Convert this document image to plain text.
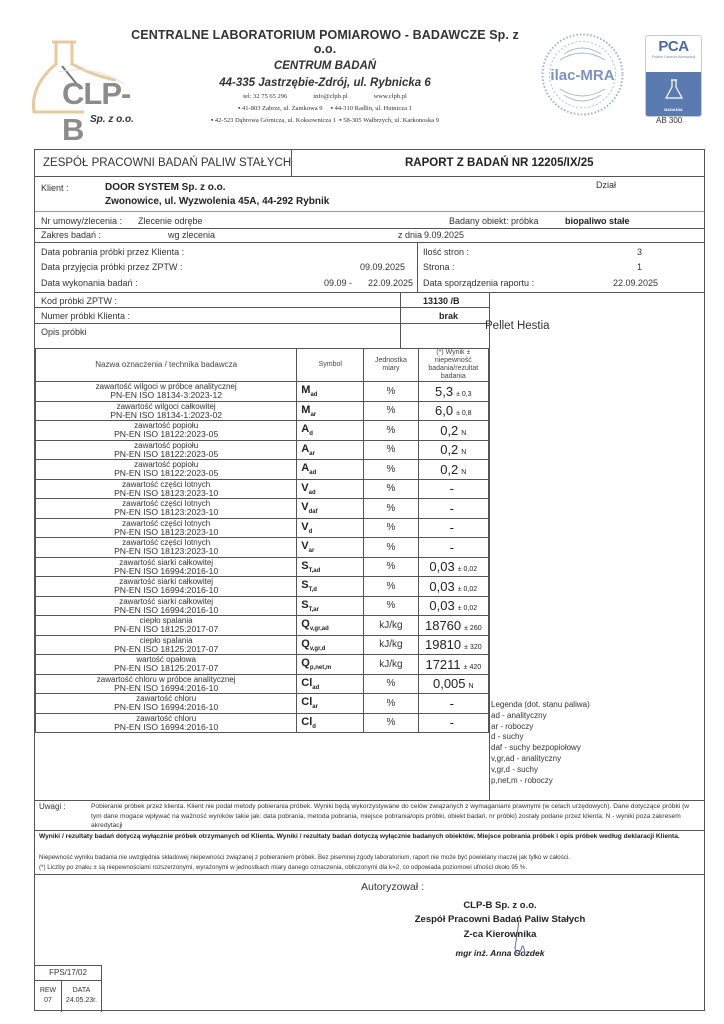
CLP-B Sp. z o.o.
CENTRALNE LABORATORIUM POMIAROWO - BADAWCZE Sp. z o.o.
CENTRUM BADAŃ
44-335 Jastrzębie-Zdrój, ul. Rybnicka 6
tel: 32 75 65 296	info@clpb.pl	www.clpb.pl
▪ 41-803 Zabrze, ul. Zamkowa 9     ▪ 44-310 Radlin, ul. Hutnicza 1
▪ 42-523 Dąbrowa Górnicza, ul. Koksownicza 1  ▪ 58-305 Wałbrzych, ul. Karkonoska 9
ilac-MRA
PCA
Polskie Centrum Akredytacji
BADANIA
AB 300
ZESPÓŁ PRACOWNI BADAŃ PALIW STAŁYCH	RAPORT Z BADAŃ NR 12205/IX/25
Klient :	DOOR SYSTEM Sp. z o.o.
Zwonowice, ul. Wyzwolenia 45A, 44-292 Rybnik
Dział
Nr umowy/zlecenia : Zlecenie odrębe	Badany obiekt: próbka	biopaliwo stałe
Zakres badań :	wg zlecenia	z dnia 9.09.2025
Data pobrania próbki przez Klienta :
Data przyjęcia próbki przez ZPTW :	09.09.2025
Data wykonania badań :	09.09 - 22.09.2025
Ilość stron :	3
Strona :	1
Data sporządzenia raportu :	22.09.2025
Kod próbki ZPTW :	13130 /B
Numer próbki Klienta :	brak
Opis próbki	Pellet Hestia
Nazwa oznaczenia / technika badawcza	Symbol	Jednostka
miary	(*) Wynik ± niepewność
badania/rezultat badania
zawartość wilgoci w próbce analitycznej
PN-EN ISO 18134-3:2023-12	$M_{ad}$	%	5,3 ± 0,3
zawartość wilgoci całkowitej
PN-EN ISO 18134-1:2023-02	$M_{ar}$	%	6,0 ± 0,8
zawartość popiołu
PN-EN ISO 18122:2023-05	$A_d$	%	0,2 N
zawartość popiołu
PN-EN ISO 18122:2023-05	$A_{ar}$	%	0,2 N
zawartość popiołu
PN-EN ISO 18122:2023-05	$A_{ad}$	%	0,2 N
zawartość części lotnych
PN-EN ISO 18123:2023-10	$V_{ad}$	%	-
zawartość części lotnych
PN-EN ISO 18123:2023-10	$V_{daf}$	%	-
zawartość części lotnych
PN-EN ISO 18123:2023-10	$V_d$	%	-
zawartość części lotnych
PN-EN ISO 18123:2023-10	$V_{ar}$	%	-
zawartość siarki całkowitej
PN-EN ISO 16994:2016-10	$S_{T,ad}$	%	0,03 ± 0,02
zawartość siarki całkowitej
PN-EN ISO 16994:2016-10	$S_{T,d}$	%	0,03 ± 0,02
zawartość siarki całkowitej
PN-EN ISO 16994:2016-10	$S_{T,ar}$	%	0,03 ± 0,02
ciepło spalania
PN-EN ISO 18125:2017-07	$Q_{v,gr,ad}$	kJ/kg	18760 ± 260
ciepło spalania
PN-EN ISO 18125:2017-07	$Q_{v,gr,d}$	kJ/kg	19810 ± 320
wartość opałowa
PN-EN ISO 18125:2017-07	$Q_{p,net,m}$	kJ/kg	17211 ± 420
zawartość chloru w próbce analitycznej
PN-EN ISO 16994:2016-10	$Cl_{ad}$	%	0,005 N
zawartość chloru
PN-EN ISO 16994:2016-10	$Cl_{ar}$	%	-
zawartość chloru
PN-EN ISO 16994:2016-10	$Cl_d$	%	-
Legenda (dot. stanu paliwa)
ad - analityczny
ar - roboczy
d - suchy
daf - suchy bezpopiołowy
v,gr,ad - analityczny
v,gr,d - suchy
p,net,m - roboczy
Uwagi :	Pobieranie próbek przez klienta. Klient nie podał metody pobierania próbek. Wyniki będą wykorzystywane do celów związanych z wymaganiami prawnymi (w celach urzędowych). Dane dotyczące próbki (w tym dane mogace wpływać na ważność wyników takie jak: data pobrania, metoda pobrania, miejsce pobrania/opis próbki, obiekt badań, nr próbki) zostały podane przez klienta. N - wyniki poza zakresem akredytacji
Wyniki / rezultaty badań dotyczą wyłącznie próbek otrzymanych od Klienta. Wyniki / rezultaty badań dotyczą wyłącznie badanych obiektów. Miejsce pobrania próbek i opis próbek według deklaracji Klienta.
Niepewność wyniku badania nie uwzględnia składowej niepewności związanej z pobieraniem próbek. Bez pisemnej zgody laboratorium, raport nie może być powielany inaczej jak tylko w całości.
(*) Liczby po znaku ± są niepewnościami rozszerzonymi, wyrażonymi w jednostkach miary danego oznaczenia, obliczonymi dla k=2, co odpowiada poziomowi ufności około 95 %.
Autoryzował :
CLP-B Sp. z o.o.
Zespół Pracowni Badań Paliw Stałych
Z-ca Kierownika
mgr inż. Anna Gozdek
FPS/17/02
REW
07
DATA
24.05.23r.
